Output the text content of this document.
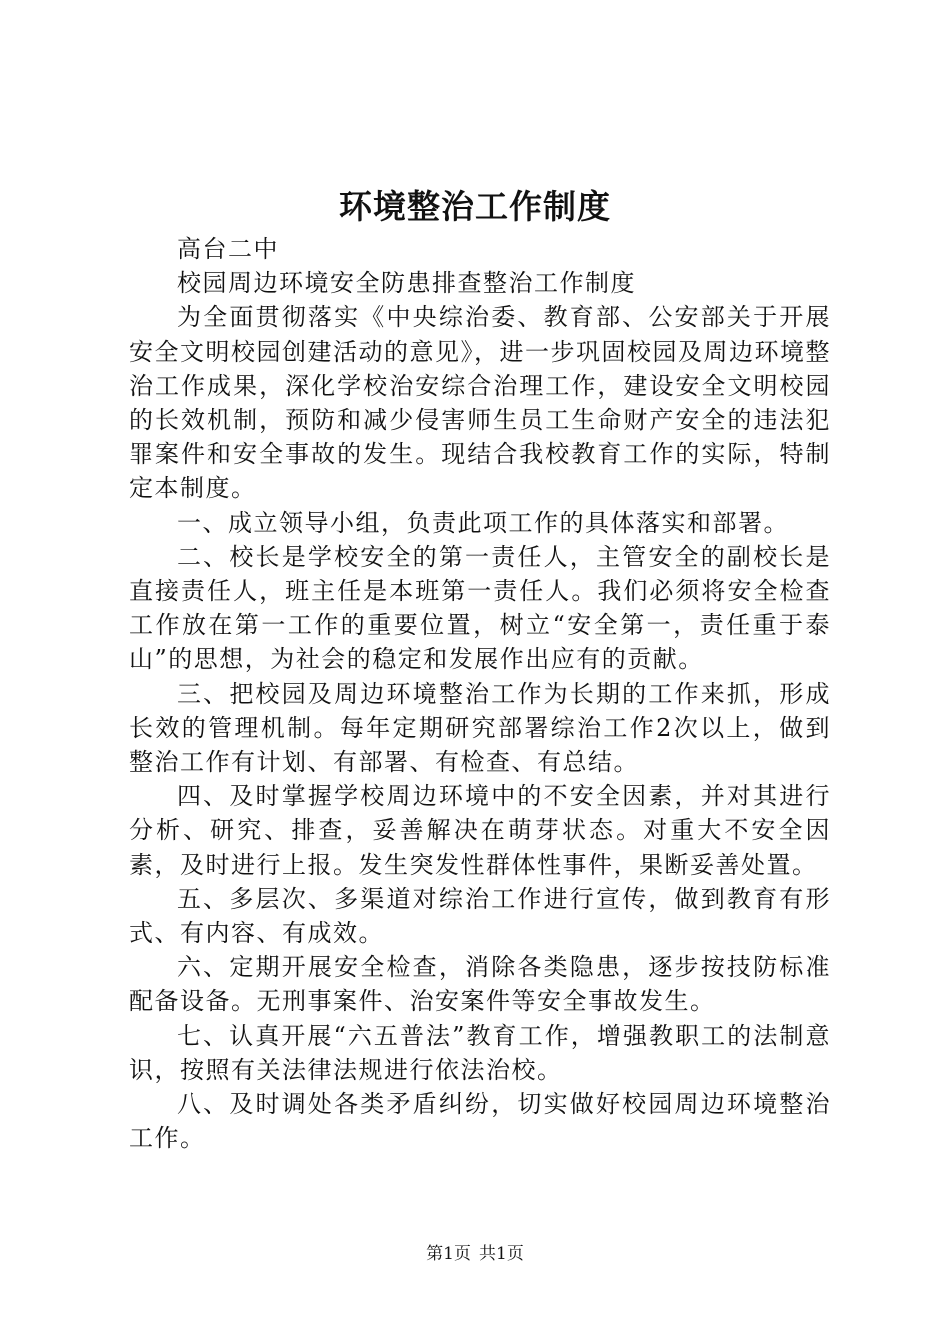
环境整治工作制度

高台二中

校园周边环境安全防患排查整治工作制度

为全面贯彻落实《中央综治委、教育部、公安部关于开展安全文明校园创建活动的意见》，进一步巩固校园及周边环境整治工作成果，深化学校治安综合治理工作，建设安全文明校园的长效机制，预防和减少侵害师生员工生命财产安全的违法犯罪案件和安全事故的发生。现结合我校教育工作的实际，特制定本制度。

一、成立领导小组，负责此项工作的具体落实和部署。

二、校长是学校安全的第一责任人，主管安全的副校长是直接责任人，班主任是本班第一责任人。我们必须将安全检查工作放在第一工作的重要位置，树立“安全第一，责任重于泰山”的思想，为社会的稳定和发展作出应有的贡献。

三、把校园及周边环境整治工作为长期的工作来抓，形成长效的管理机制。每年定期研究部署综治工作2次以上，做到整治工作有计划、有部署、有检查、有总结。

四、及时掌握学校周边环境中的不安全因素，并对其进行分析、研究、排查，妥善解决在萌芽状态。对重大不安全因素，及时进行上报。发生突发性群体性事件，果断妥善处置。

五、多层次、多渠道对综治工作进行宣传，做到教育有形式、有内容、有成效。

六、定期开展安全检查，消除各类隐患，逐步按技防标准配备设备。无刑事案件、治安案件等安全事故发生。

七、认真开展“六五普法”教育工作，增强教职工的法制意识，按照有关法律法规进行依法治校。

八、及时调处各类矛盾纠纷，切实做好校园周边环境整治工作。

第1页 共1页
